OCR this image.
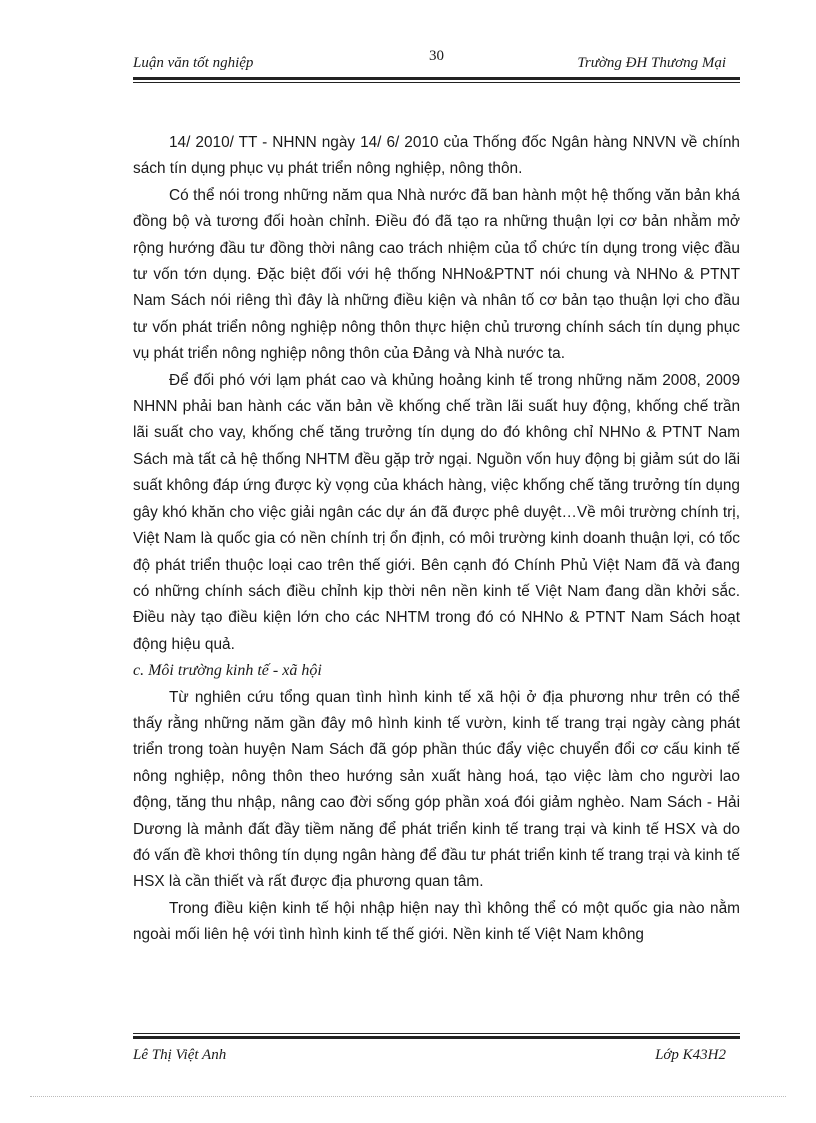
Luận văn tốt nghiệp	30	Trường ĐH Thương Mại

14/ 2010/ TT - NHNN ngày 14/ 6/ 2010 của Thống đốc Ngân hàng NNVN về chính sách tín dụng phục vụ phát triển nông nghiệp, nông thôn.

Có thể nói trong những năm qua Nhà nước đã ban hành một hệ thống văn bản khá đồng bộ và tương đối hoàn chỉnh. Điều đó đã tạo ra những thuận lợi cơ bản nhằm mở rộng hướng đầu tư đồng thời nâng cao trách nhiệm của tổ chức tín dụng trong việc đầu tư vốn tớn dụng. Đặc biệt đối với hệ thống NHNo&PTNT nói chung và NHNo & PTNT Nam Sách nói riêng thì đây là những điều kiện và nhân tố cơ bản tạo thuận lợi cho đầu tư vốn phát triển nông nghiệp nông thôn thực hiện chủ trương chính sách tín dụng phục vụ phát triển nông nghiệp nông thôn của Đảng và Nhà nước ta.

Để đối phó với lạm phát cao và khủng hoảng kinh tế trong những năm 2008, 2009 NHNN phải ban hành các văn bản về khống chế trần lãi suất huy động, khống chế trần lãi suất cho vay, khống chế tăng trưởng tín dụng do đó không chỉ NHNo & PTNT Nam Sách mà tất cả hệ thống NHTM đều gặp trở ngại. Nguồn vốn huy động bị giảm sút do lãi suất không đáp ứng được kỳ vọng của khách hàng, việc khống chế tăng trưởng tín dụng gây khó khăn cho việc giải ngân các dự án đã được phê duyệt…Về môi trường chính trị, Việt Nam là quốc gia có nền chính trị ổn định, có môi trường kinh doanh thuận lợi, có tốc độ phát triển thuộc loại cao trên thế giới. Bên cạnh đó Chính Phủ Việt Nam đã và đang có những chính sách điều chỉnh kịp thời nên nền kinh tế Việt Nam đang dần khởi sắc. Điều này tạo điều kiện lớn cho các NHTM trong đó có NHNo & PTNT Nam Sách hoạt động hiệu quả.

c. Môi trường kinh tế - xã hội

Từ nghiên cứu tổng quan tình hình kinh tế xã hội ở địa phương như trên có thể thấy rằng những năm gần đây mô hình kinh tế vườn, kinh tế trang trại ngày càng phát triển trong toàn huyện Nam Sách đã góp phần thúc đẩy việc chuyển đổi cơ cấu kinh tế nông nghiệp, nông thôn theo hướng sản xuất hàng hoá, tạo việc làm cho người lao động, tăng thu nhập, nâng cao đời sống góp phần xoá đói giảm nghèo. Nam Sách - Hải Dương là mảnh đất đầy tiềm năng để phát triển kinh tế trang trại và kinh tế HSX và do đó vấn đề khơi thông tín dụng ngân hàng để đầu tư phát triển kinh tế trang trại và kinh tế HSX là cần thiết và rất được địa phương quan tâm.

Trong điều kiện kinh tế hội nhập hiện nay thì không thể có một quốc gia nào nằm ngoài mối liên hệ với tình hình kinh tế thế giới. Nền kinh tế Việt Nam không

Lê Thị Việt Anh	Lớp K43H2
